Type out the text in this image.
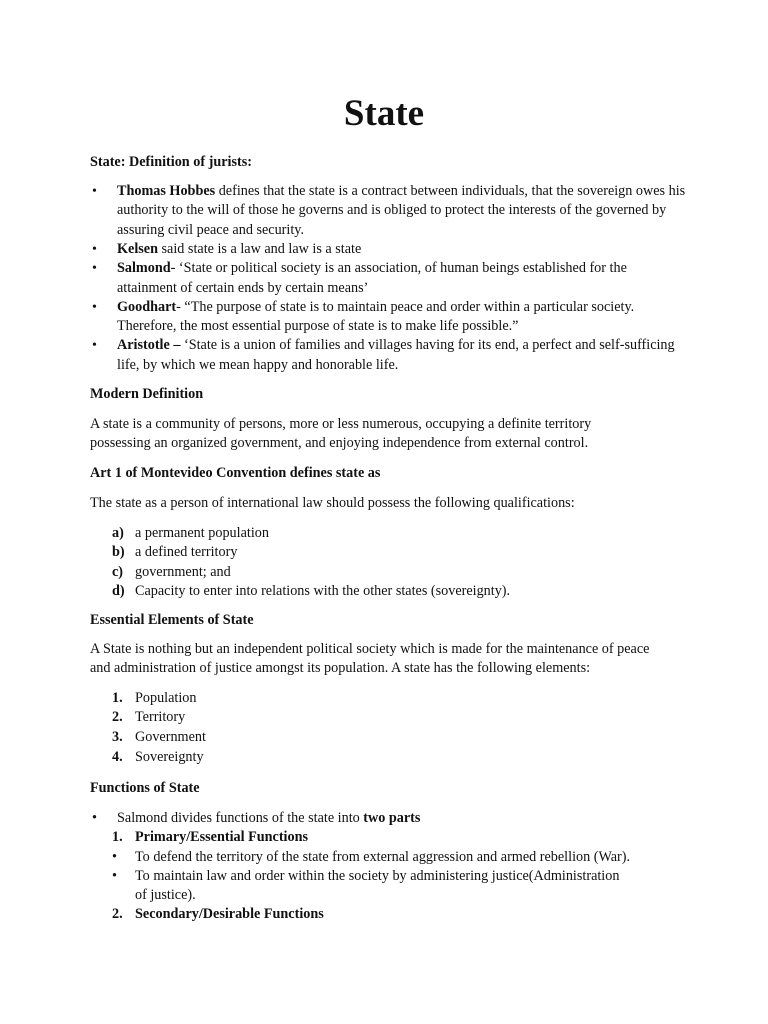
State
State: Definition of jurists:
•	Thomas Hobbes defines that the state is a contract between individuals, that the sovereign owes his authority to the will of those he governs and is obliged to protect the interests of the governed by assuring civil peace and security.
•	Kelsen said state is a law and law is a state
•	Salmond- ‘State or political society is an association, of human beings established for the attainment of certain ends by certain means’
•	Goodhart- “The purpose of state is to maintain peace and order within a particular society. Therefore, the most essential purpose of state is to make life possible.”
•	Aristotle – ‘State is a union of families and villages having for its end, a perfect and self-sufficing life, by which we mean happy and honorable life.
Modern Definition
A state is a community of persons, more or less numerous, occupying a definite territory possessing an organized government, and enjoying independence from external control.
Art 1 of Montevideo Convention defines state as
The state as a person of international law should possess the following qualifications:
a) a permanent population
b) a defined territory
c) government; and
d) Capacity to enter into relations with the other states (sovereignty).
Essential Elements of State
A State is nothing but an independent political society which is made for the maintenance of peace and administration of justice amongst its population. A state has the following elements:
1. Population
2. Territory
3. Government
4. Sovereignty
Functions of State
•	Salmond divides functions of the state into two parts
1. Primary/Essential Functions
•	To defend the territory of the state from external aggression and armed rebellion (War).
•	To maintain law and order within the society by administering justice(Administration of justice).
2. Secondary/Desirable Functions
